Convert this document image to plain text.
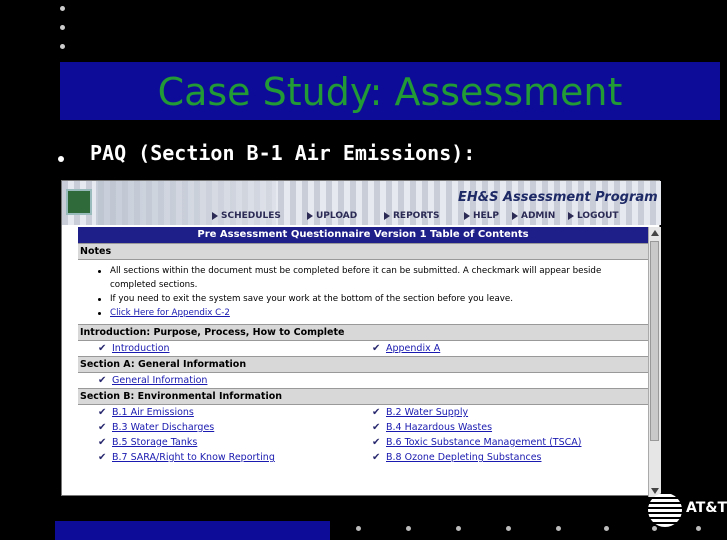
Case Study: Assessment
PAQ (Section B-1 Air Emissions):
EH&S Assessment Program
SCHEDULES	UPLOAD	REPORTS	HELP ADMIN LOGOUT
Pre Assessment Questionnaire Version 1 Table of Contents
Notes
All sections within the document must be completed before it can be submitted. A checkmark will appear beside
completed sections.
If you need to exit the system save your work at the bottom of the section before you leave.
Click Here for Appendix C-2
Introduction: Purpose, Process, How to Complete
✔ Introduction	✔ Appendix A
Section A: General Information
✔ General Information
Section B: Environmental Information
✔ B.1 Air Emissions	✔ B.2 Water Supply
✔ B.3 Water Discharges	✔ B.4 Hazardous Wastes
✔ B.5 Storage Tanks	✔ B.6 Toxic Substance Management (TSCA)
✔ B.7 SARA/Right to Know Reporting	✔ B.8 Ozone Depleting Substances
AT&T
